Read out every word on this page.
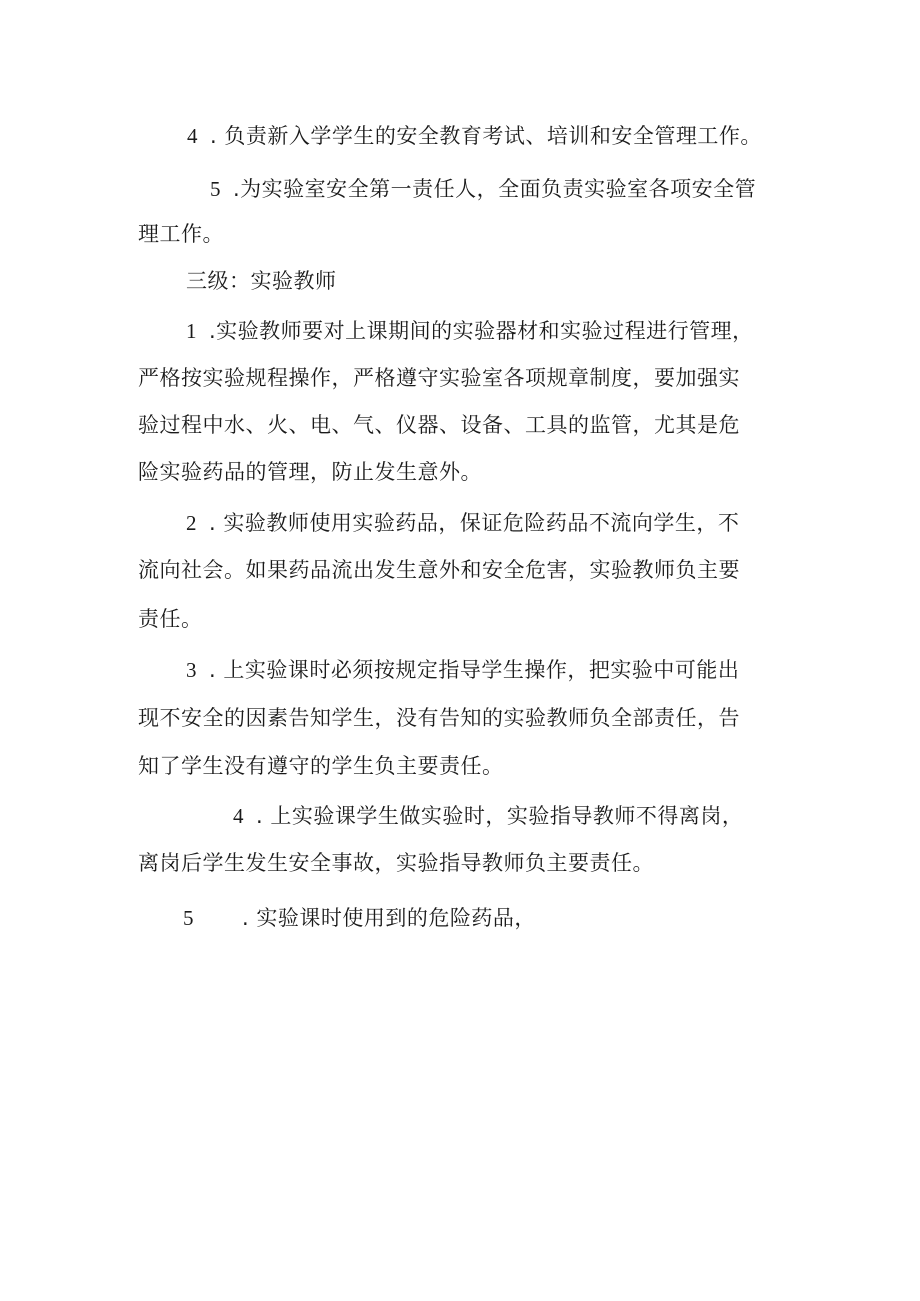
4 . 负责新入学学生的安全教育考试、培训和安全管理工作。
5 .为实验室安全第一责任人，全面负责实验室各项安全管
理工作。
三级：实验教师
1 .实验教师要对上课期间的实验器材和实验过程进行管理，
严格按实验规程操作，严格遵守实验室各项规章制度，要加强实
验过程中水、火、电、气、仪器、设备、工具的监管，尤其是危
险实验药品的管理，防止发生意外。
2 . 实验教师使用实验药品，保证危险药品不流向学生，不
流向社会。如果药品流出发生意外和安全危害，实验教师负主要
责任。
3 . 上实验课时必须按规定指导学生操作，把实验中可能出
现不安全的因素告知学生，没有告知的实验教师负全部责任，告
知了学生没有遵守的学生负主要责任。
4 . 上实验课学生做实验时，实验指导教师不得离岗，
离岗后学生发生安全事故，实验指导教师负主要责任。
5 . 实验课时使用到的危险药品，
